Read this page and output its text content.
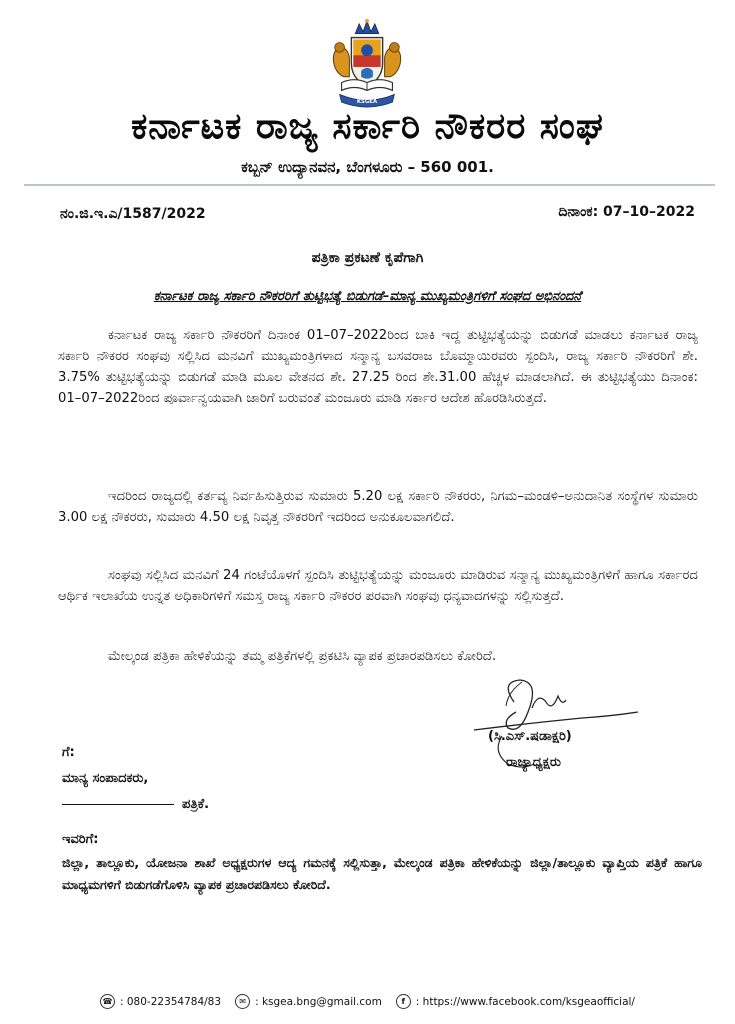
KSGEA
ಕರ್ನಾಟಕ ರಾಜ್ಯ ಸರ್ಕಾರಿ ನೌಕರರ ಸಂಘ
ಕಬ್ಬನ್ ಉದ್ಯಾನವನ, ಬೆಂಗಳೂರು – 560 001.
ನಂ.ಜಿ.ಇ.ಎ/1587/2022	ದಿನಾಂಕ: 07–10–2022
ಪತ್ರಿಕಾ ಪ್ರಕಟಣೆ ಕೃಪೆಗಾಗಿ
ಕರ್ನಾಟಕ ರಾಜ್ಯ ಸರ್ಕಾರಿ ನೌಕರರಿಗೆ ತುಟ್ಟಿಭತ್ಯೆ ಬಿಡುಗಡೆ–ಮಾನ್ಯ ಮುಖ್ಯಮಂತ್ರಿಗಳಿಗೆ ಸಂಘದ ಅಭಿನಂದನೆ

ಕರ್ನಾಟಕ ರಾಜ್ಯ ಸರ್ಕಾರಿ ನೌಕರರಿಗೆ ದಿನಾಂಕ 01–07–2022ರಿಂದ ಬಾಕಿ ಇದ್ದ ತುಟ್ಟಿಭತ್ಯೆಯನ್ನು ಬಿಡುಗಡೆ ಮಾಡಲು ಕರ್ನಾಟಕ ರಾಜ್ಯ ಸರ್ಕಾರಿ ನೌಕರರ ಸಂಘವು ಸಲ್ಲಿಸಿದ ಮನವಿಗೆ ಮುಖ್ಯಮಂತ್ರಿಗಳಾದ ಸನ್ಮಾನ್ಯ ಬಸವರಾಜ ಬೊಮ್ಮಾಯಿರವರು ಸ್ಪಂದಿಸಿ, ರಾಜ್ಯ ಸರ್ಕಾರಿ ನೌಕರರಿಗೆ ಶೇ. 3.75% ತುಟ್ಟಿಭತ್ಯೆಯನ್ನು ಬಿಡುಗಡೆ ಮಾಡಿ ಮೂಲ ವೇತನದ ಶೇ. 27.25 ರಿಂದ ಶೇ.31.00 ಹೆಚ್ಚಳ ಮಾಡಲಾಗಿದೆ. ಈ ತುಟ್ಟಿಭತ್ಯೆಯು ದಿನಾಂಕ: 01–07–2022ರಿಂದ ಪೂರ್ವಾನ್ವಯವಾಗಿ ಜಾರಿಗೆ ಬರುವಂತೆ ಮಂಜೂರು ಮಾಡಿ ಸರ್ಕಾರ ಆದೇಶ ಹೊರಡಿಸಿರುತ್ತದೆ.

ಇದರಿಂದ ರಾಜ್ಯದಲ್ಲಿ ಕರ್ತವ್ಯ ನಿರ್ವಹಿಸುತ್ತಿರುವ ಸುಮಾರು 5.20 ಲಕ್ಷ ಸರ್ಕಾರಿ ನೌಕರರು, ನಿಗಮ–ಮಂಡಳಿ–ಅನುದಾನಿತ ಸಂಸ್ಥೆಗಳ ಸುಮಾರು 3.00 ಲಕ್ಷ ನೌಕರರು, ಸುಮಾರು 4.50 ಲಕ್ಷ ನಿವೃತ್ತ ನೌಕರರಿಗೆ ಇದರಿಂದ ಅನುಕೂಲವಾಗಲಿದೆ.

ಸಂಘವು ಸಲ್ಲಿಸಿದ ಮನವಿಗೆ 24 ಗಂಟೆಯೊಳಗೆ ಸ್ಪಂದಿಸಿ ತುಟ್ಟಿಭತ್ಯೆಯನ್ನು ಮಂಜೂರು ಮಾಡಿರುವ ಸನ್ಮಾನ್ಯ ಮುಖ್ಯಮಂತ್ರಿಗಳಿಗೆ ಹಾಗೂ ಸರ್ಕಾರದ ಆರ್ಥಿಕ ಇಲಾಖೆಯ ಉನ್ನತ ಅಧಿಕಾರಿಗಳಿಗೆ ಸಮಸ್ತ ರಾಜ್ಯ ಸರ್ಕಾರಿ ನೌಕರರ ಪರವಾಗಿ ಸಂಘವು ಧನ್ಯವಾದಗಳನ್ನು ಸಲ್ಲಿಸುತ್ತದೆ.

ಮೇಲ್ಕಂಡ ಪತ್ರಿಕಾ ಹೇಳಿಕೆಯನ್ನು ತಮ್ಮ ಪತ್ರಿಕೆಗಳಲ್ಲಿ ಪ್ರಕಟಿಸಿ ವ್ಯಾಪಕ ಪ್ರಚಾರಪಡಿಸಲು ಕೋರಿದೆ.

(ಸಿ.ಎಸ್.ಷಡಾಕ್ಷರಿ)
ರಾಜ್ಯಾಧ್ಯಕ್ಷರು
ಗೆ:
ಮಾನ್ಯ ಸಂಪಾದಕರು,
ಪತ್ರಿಕೆ.
ಇವರಿಗೆ:
ಜಿಲ್ಲಾ, ತಾಲ್ಲೂಕು, ಯೋಜನಾ ಶಾಖೆ ಅಧ್ಯಕ್ಷರುಗಳ ಆದ್ಯ ಗಮನಕ್ಕೆ ಸಲ್ಲಿಸುತ್ತಾ, ಮೇಲ್ಕಂಡ ಪತ್ರಿಕಾ ಹೇಳಿಕೆಯನ್ನು ಜಿಲ್ಲಾ/ತಾಲ್ಲೂಕು ವ್ಯಾಪ್ತಿಯ ಪತ್ರಿಕೆ ಹಾಗೂ ಮಾಧ್ಯಮಗಳಿಗೆ ಬಿಡುಗಡೆಗೊಳಿಸಿ ವ್ಯಾಪಕ ಪ್ರಚಾರಪಡಿಸಲು ಕೋರಿದೆ.
☎ : 080-22354784/83	✉ : ksgea.bng@gmail.com	f	: https://www.facebook.com/ksgeaofficial/
